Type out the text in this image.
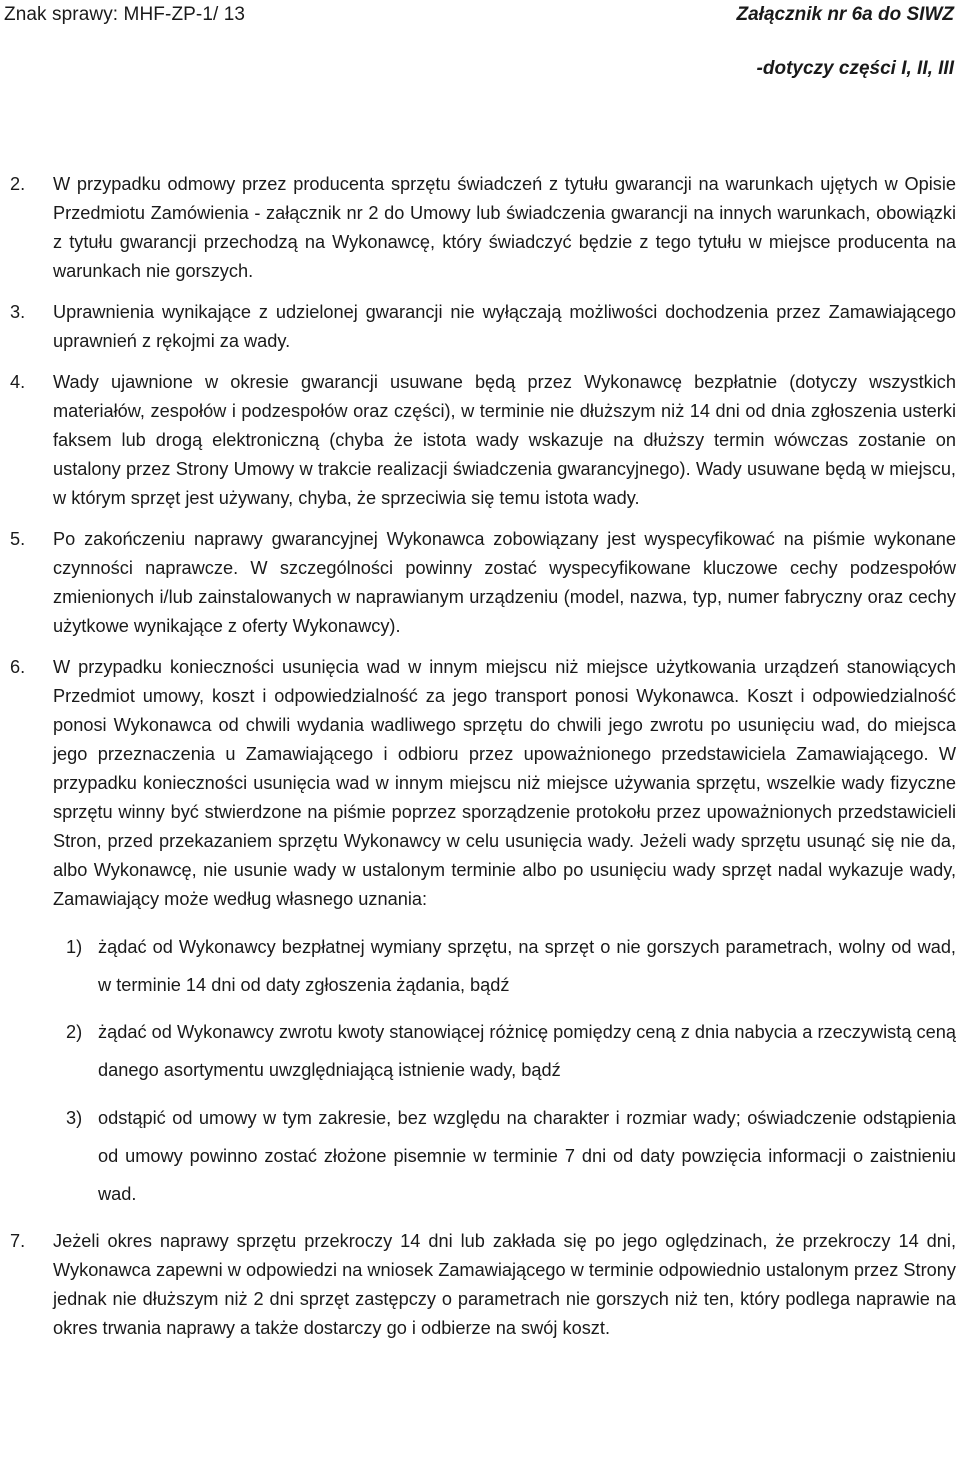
Znak sprawy: MHF-ZP-1/ 13	Załącznik nr 6a do SIWZ
-dotyczy części I, II, III
2.	W przypadku odmowy przez producenta sprzętu świadczeń z tytułu gwarancji na warunkach ujętych w Opisie Przedmiotu Zamówienia - załącznik nr 2 do Umowy lub świadczenia gwarancji na innych warunkach, obowiązki z tytułu gwarancji przechodzą na Wykonawcę, który świadczyć będzie z tego tytułu w miejsce producenta na warunkach nie gorszych.
3.	Uprawnienia wynikające z udzielonej gwarancji nie wyłączają możliwości dochodzenia przez Zamawiającego uprawnień z rękojmi za wady.
4.	Wady ujawnione w okresie gwarancji usuwane będą przez Wykonawcę bezpłatnie (dotyczy wszystkich materiałów, zespołów i podzespołów oraz części), w terminie nie dłuższym niż 14 dni od dnia zgłoszenia usterki faksem lub drogą elektroniczną (chyba że istota wady wskazuje na dłuższy termin wówczas zostanie on ustalony przez Strony Umowy w trakcie realizacji świadczenia gwarancyjnego). Wady usuwane będą w miejscu, w którym sprzęt jest używany, chyba, że sprzeciwia się temu istota wady.
5.	Po zakończeniu naprawy gwarancyjnej Wykonawca zobowiązany jest wyspecyfikować na piśmie wykonane czynności naprawcze. W szczególności powinny zostać wyspecyfikowane kluczowe cechy podzespołów zmienionych i/lub zainstalowanych w naprawianym urządzeniu (model, nazwa, typ, numer fabryczny oraz cechy użytkowe wynikające z oferty Wykonawcy).
6.	W przypadku konieczności usunięcia wad w innym miejscu niż miejsce użytkowania urządzeń stanowiących Przedmiot umowy, koszt i odpowiedzialność za jego transport ponosi Wykonawca. Koszt i odpowiedzialność ponosi Wykonawca od chwili wydania wadliwego sprzętu do chwili jego zwrotu po usunięciu wad, do miejsca jego przeznaczenia u Zamawiającego i odbioru przez upoważnionego przedstawiciela Zamawiającego. W przypadku konieczności usunięcia wad w innym miejscu niż miejsce używania sprzętu, wszelkie wady fizyczne sprzętu winny być stwierdzone na piśmie poprzez sporządzenie protokołu przez upoważnionych przedstawicieli Stron, przed przekazaniem sprzętu Wykonawcy w celu usunięcia wady. Jeżeli wady sprzętu usunąć się nie da, albo Wykonawcę, nie usunie wady w ustalonym terminie albo po usunięciu wady sprzęt nadal wykazuje wady, Zamawiający może według własnego uznania:
1) żądać od Wykonawcy bezpłatnej wymiany sprzętu, na sprzęt o nie gorszych parametrach, wolny od wad, w terminie 14 dni od daty zgłoszenia żądania, bądź
2) żądać od Wykonawcy zwrotu kwoty stanowiącej różnicę pomiędzy ceną z dnia nabycia a rzeczywistą ceną danego asortymentu uwzględniającą istnienie wady, bądź
3) odstąpić od umowy w tym zakresie, bez względu na charakter i rozmiar wady; oświadczenie odstąpienia od umowy powinno zostać złożone pisemnie w terminie 7 dni od daty powzięcia informacji o zaistnieniu wad.
7.	Jeżeli okres naprawy sprzętu przekroczy 14 dni lub zakłada się po jego oględzinach, że przekroczy 14 dni, Wykonawca zapewni w odpowiedzi na wniosek Zamawiającego w terminie odpowiednio ustalonym przez Strony jednak nie dłuższym niż 2 dni sprzęt zastępczy o parametrach nie gorszych niż ten, który podlega naprawie na okres trwania naprawy a także dostarczy go i odbierze na swój koszt.
